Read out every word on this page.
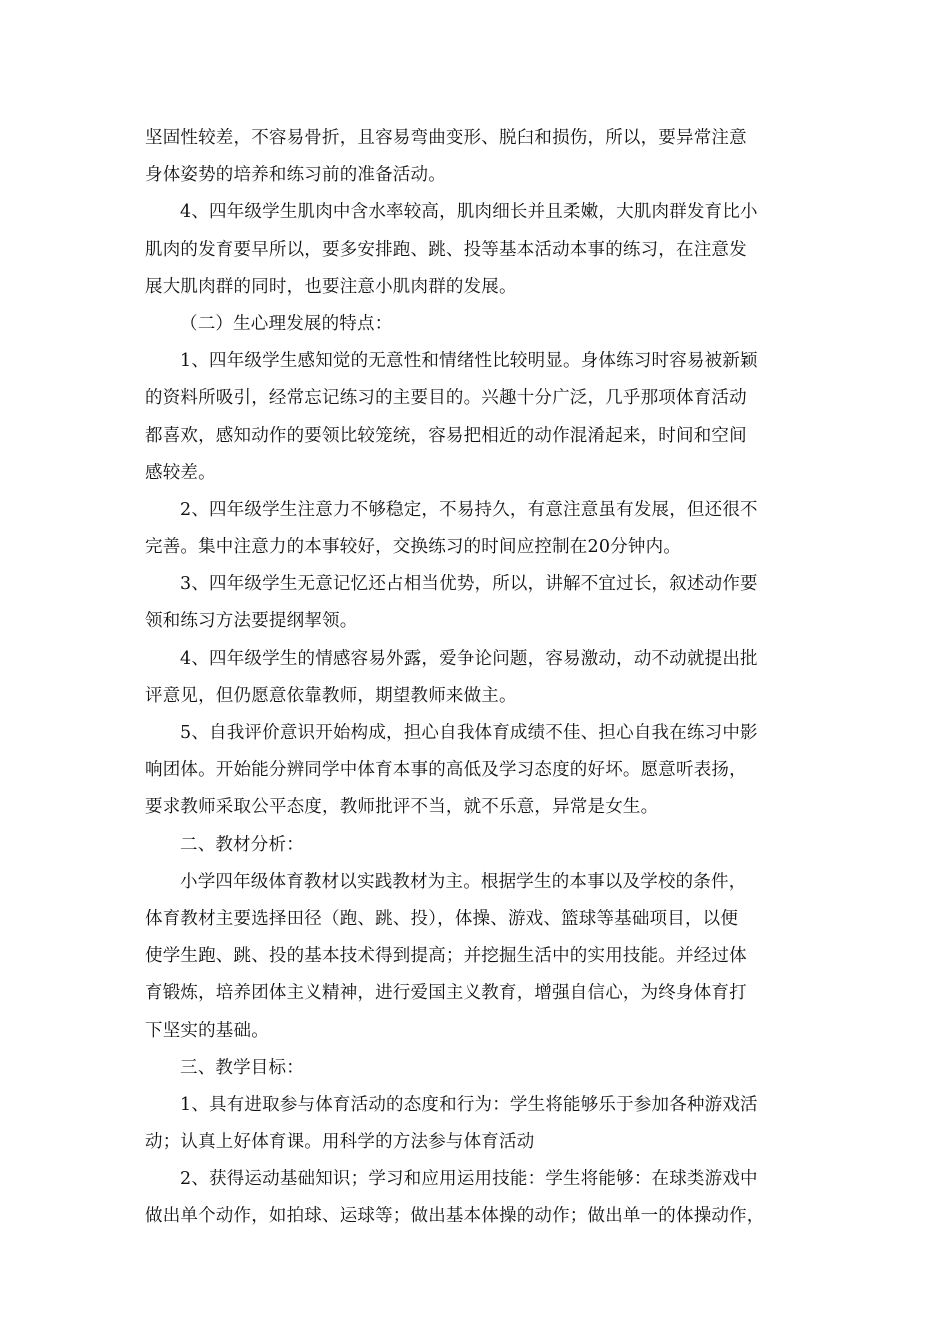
坚固性较差，不容易骨折，且容易弯曲变形、脱臼和损伤，所以，要异常注意
身体姿势的培养和练习前的准备活动。
4、四年级学生肌肉中含水率较高，肌肉细长并且柔嫩，大肌肉群发育比小
肌肉的发育要早所以，要多安排跑、跳、投等基本活动本事的练习，在注意发
展大肌肉群的同时，也要注意小肌肉群的发展。
（二）生心理发展的特点：
1、四年级学生感知觉的无意性和情绪性比较明显。身体练习时容易被新颖
的资料所吸引，经常忘记练习的主要目的。兴趣十分广泛，几乎那项体育活动
都喜欢，感知动作的要领比较笼统，容易把相近的动作混淆起来，时间和空间
感较差。
2、四年级学生注意力不够稳定，不易持久，有意注意虽有发展，但还很不
完善。集中注意力的本事较好，交换练习的时间应控制在20分钟内。
3、四年级学生无意记忆还占相当优势，所以，讲解不宜过长，叙述动作要
领和练习方法要提纲挈领。
4、四年级学生的情感容易外露，爱争论问题，容易激动，动不动就提出批
评意见，但仍愿意依靠教师，期望教师来做主。
5、自我评价意识开始构成，担心自我体育成绩不佳、担心自我在练习中影
响团体。开始能分辨同学中体育本事的高低及学习态度的好坏。愿意听表扬，
要求教师采取公平态度，教师批评不当，就不乐意，异常是女生。
二、教材分析：
小学四年级体育教材以实践教材为主。根据学生的本事以及学校的条件，
体育教材主要选择田径（跑、跳、投），体操、游戏、篮球等基础项目，以便
使学生跑、跳、投的基本技术得到提高；并挖掘生活中的实用技能。并经过体
育锻炼，培养团体主义精神，进行爱国主义教育，增强自信心，为终身体育打
下坚实的基础。
三、教学目标：
1、具有进取参与体育活动的态度和行为：学生将能够乐于参加各种游戏活
动；认真上好体育课。用科学的方法参与体育活动
2、获得运动基础知识；学习和应用运用技能：学生将能够：在球类游戏中
做出单个动作，如拍球、运球等；做出基本体操的动作；做出单一的体操动作，
